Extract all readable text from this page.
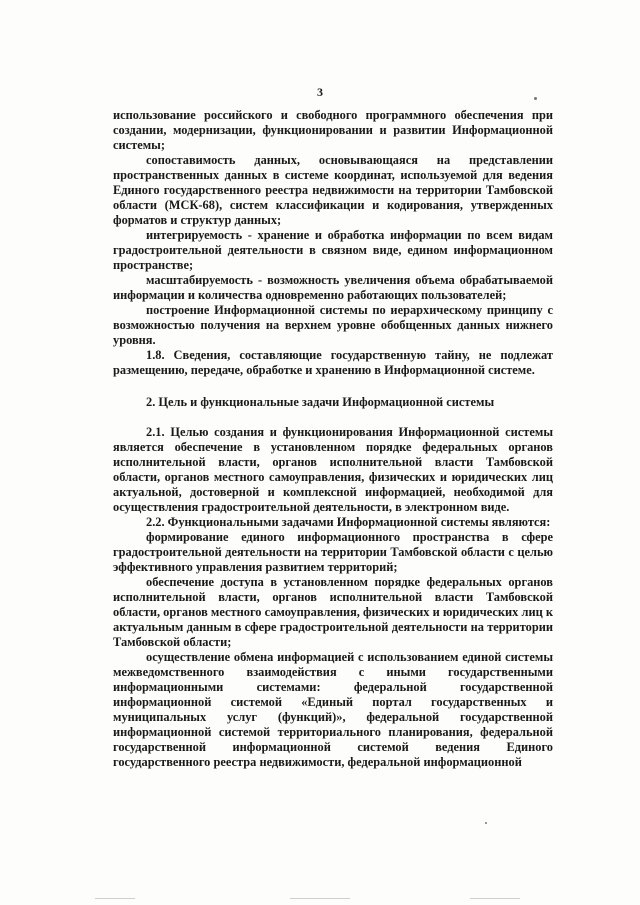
3

использование российского и свободного программного обеспечения при создании, модернизации, функционировании и развитии Информационной системы;

сопоставимость данных, основывающаяся на представлении пространственных данных в системе координат, используемой для ведения Единого государственного реестра недвижимости на территории Тамбовской области (МСК-68), систем классификации и кодирования, утвержденных форматов и структур данных;

интегрируемость - хранение и обработка информации по всем видам градостроительной деятельности в связном виде, едином информационном пространстве;

масштабируемость - возможность увеличения объема обрабатываемой информации и количества одновременно работающих пользователей;

построение Информационной системы по иерархическому принципу с возможностью получения на верхнем уровне обобщенных данных нижнего уровня.

1.8. Сведения, составляющие государственную тайну, не подлежат размещению, передаче, обработке и хранению в Информационной системе.

2. Цель и функциональные задачи Информационной системы

2.1. Целью создания и функционирования Информационной системы является обеспечение в установленном порядке федеральных органов исполнительной власти, органов исполнительной власти Тамбовской области, органов местного самоуправления, физических и юридических лиц актуальной, достоверной и комплексной информацией, необходимой для осуществления градостроительной деятельности, в электронном виде.

2.2. Функциональными задачами Информационной системы являются:

формирование единого информационного пространства в сфере градостроительной деятельности на территории Тамбовской области с целью эффективного управления развитием территорий;

обеспечение доступа в установленном порядке федеральных органов исполнительной власти, органов исполнительной власти Тамбовской области, органов местного самоуправления, физических и юридических лиц к актуальным данным в сфере градостроительной деятельности на территории Тамбовской области;

осуществление обмена информацией с использованием единой системы межведомственного взаимодействия с иными государственными информационными системами: федеральной государственной информационной системой «Единый портал государственных и муниципальных услуг (функций)», федеральной государственной информационной системой территориального планирования, федеральной государственной информационной системой ведения Единого государственного реестра недвижимости, федеральной информационной
